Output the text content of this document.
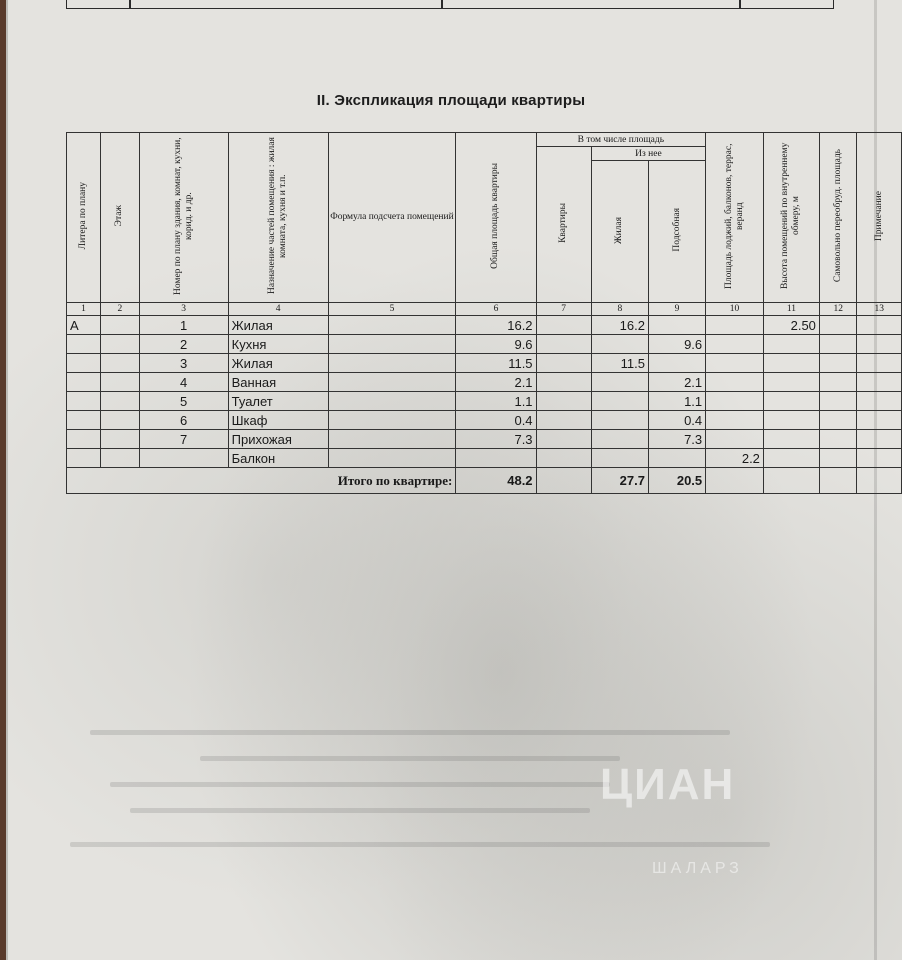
II. Экспликация площади квартиры
Литера по плану	Этаж	Номер по плану здания, комнат, кухни, корид. и др.	Назначение частей помещения : жилая комната, кухня и т.п.	Формула подсчета помещений	Общая площадь квартиры	В том числе площадь			Площадь лоджий, балконов, террас, веранд	Высота помещений по внутреннему обмеру, м	Самовольно переобруд. площадь	Примечание
						Квартиры	Из нее					
							Жилая	Подсобная				
1	2	3	4	5	6	7	8	9	10	11	12	13
А		1	Жилая		16.2		16.2			2.50		
		2	Кухня		9.6			9.6				
		3	Жилая		11.5		11.5					
		4	Ванная		2.1			2.1				
		5	Туалет		1.1			1.1				
		6	Шкаф		0.4			0.4				
		7	Прихожая		7.3			7.3				
			Балкон						2.2			
Итого по квартире:					48.2		27.7	20.5				
ЦИАН
ШАЛАРЗ
